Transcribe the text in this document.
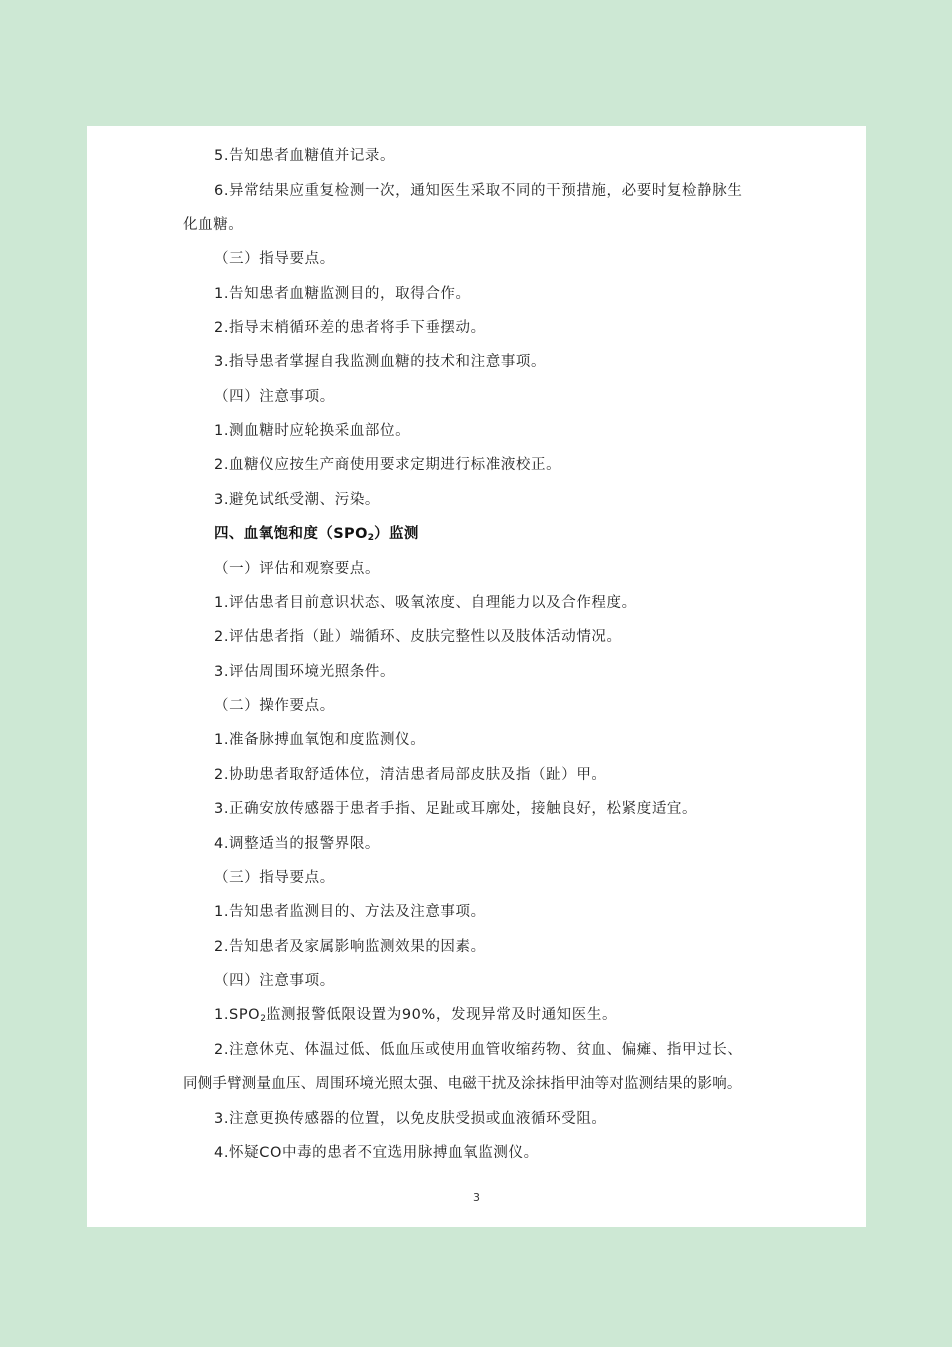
5.告知患者血糖值并记录。
6.异常结果应重复检测一次，通知医生采取不同的干预措施，必要时复检静脉生
化血糖。
（三）指导要点。
1.告知患者血糖监测目的，取得合作。
2.指导末梢循环差的患者将手下垂摆动。
3.指导患者掌握自我监测血糖的技术和注意事项。
（四）注意事项。
1.测血糖时应轮换采血部位。
2.血糖仪应按生产商使用要求定期进行标准液校正。
3.避免试纸受潮、污染。
四、血氧饱和度$(SPO_2)$监测
（一）评估和观察要点。
1.评估患者目前意识状态、吸氧浓度、自理能力以及合作程度。
2.评估患者指（趾）端循环、皮肤完整性以及肢体活动情况。
3.评估周围环境光照条件。
（二）操作要点。
1.准备脉搏血氧饱和度监测仪。
2.协助患者取舒适体位，清洁患者局部皮肤及指（趾）甲。
3.正确安放传感器于患者手指、足趾或耳廓处，接触良好，松紧度适宜。
4.调整适当的报警界限。
（三）指导要点。
1.告知患者监测目的、方法及注意事项。
2.告知患者及家属影响监测效果的因素。
（四）注意事项。
$1.SPO_2$监测报警低限设置为90%，发现异常及时通知医生。
2.注意休克、体温过低、低血压或使用血管收缩药物、贫血、偏瘫、指甲过长、
同侧手臂测量血压、周围环境光照太强、电磁干扰及涂抹指甲油等对监测结果的影响。
3.注意更换传感器的位置，以免皮肤受损或血液循环受阻。
4.怀疑CO中毒的患者不宜选用脉搏血氧监测仪。
3
